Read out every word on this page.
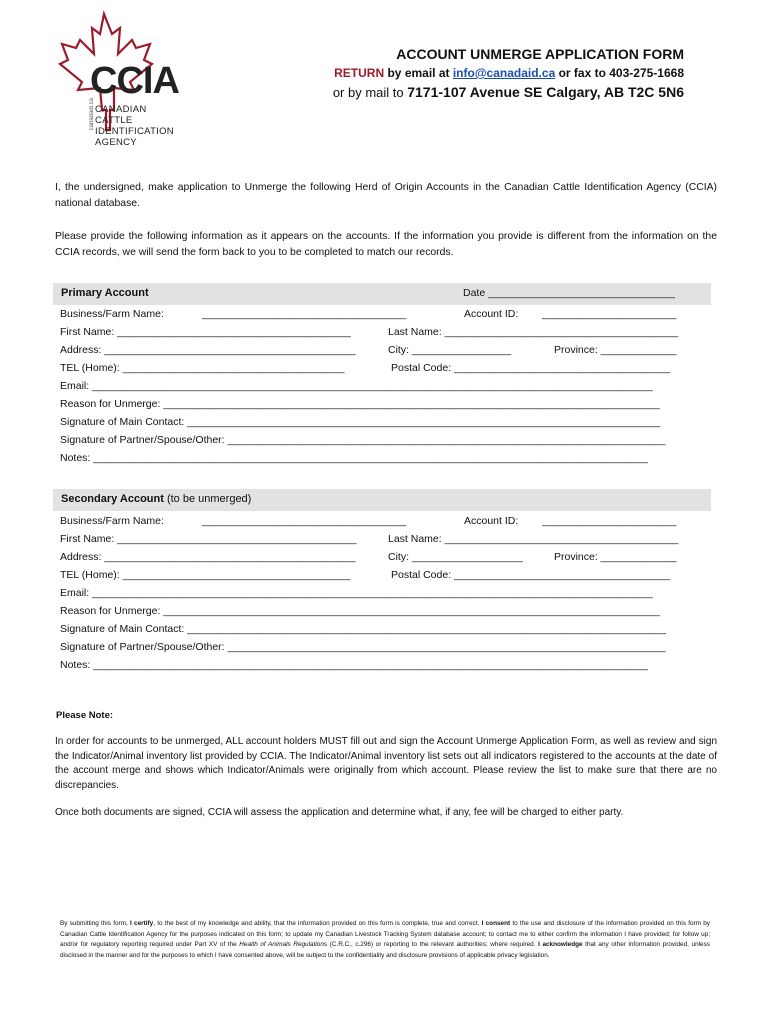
CCIA
canadaid.ca CANADIAN
CATTLE
IDENTIFICATION
AGENCY
ACCOUNT UNMERGE APPLICATION FORM
RETURN by email at info@canadaid.ca or fax to 403-275-1668
or by mail to 7171-107 Avenue SE Calgary, AB T2C 5N6
I, the undersigned, make application to Unmerge the following Herd of Origin Accounts in the Canadian Cattle Identification Agency (CCIA) national database.
Please provide the following information as it appears on the accounts. If the information you provide is different from the information on the CCIA records, we will send the form back to you to be completed to match our records.
Primary Account	Date ________________________________
Business/Farm Name:	___________________________________	Account ID: _______________________
First Name: ________________________________________	Last Name: ________________________________________
Address: ___________________________________________	City: _________________	Province: _____________
TEL (Home): ______________________________________	Postal Code: _____________________________________
Email: ________________________________________________________________________________________________
Reason for Unmerge: _____________________________________________________________________________________
Signature of Main Contact: _________________________________________________________________________________
Signature of Partner/Spouse/Other: ___________________________________________________________________________
Notes: _______________________________________________________________________________________________
Secondary Account (to be unmerged)
Business/Farm Name:	___________________________________	Account ID: _______________________
First Name: _________________________________________	Last Name: ________________________________________
Address: ___________________________________________	City: ___________________	Province: _____________
TEL (Home): _______________________________________	Postal Code: _____________________________________
Email: ________________________________________________________________________________________________
Reason for Unmerge: _____________________________________________________________________________________
Signature of Main Contact: __________________________________________________________________________________
Signature of Partner/Spouse/Other: ___________________________________________________________________________
Notes: _______________________________________________________________________________________________
Please Note:
In order for accounts to be unmerged, ALL account holders MUST fill out and sign the Account Unmerge Application Form, as well as review and sign the Indicator/Animal inventory list provided by CCIA. The Indicator/Animal inventory list sets out all indicators registered to the accounts at the date of the account merge and shows which Indicator/Animals were originally from which account. Please review the list to make sure that there are no discrepancies.
Once both documents are signed, CCIA will assess the application and determine what, if any, fee will be charged to either party.
By submitting this form, I certify, to the best of my knowledge and ability, that the information provided on this form is complete, true and correct. I consent to the use and disclosure of the information provided on this form by Canadian Cattle Identification Agency for the purposes indicated on this form; to update my Canadian Livestock Tracking System database account; to contact me to either confirm the information I have provided; for follow up; and/or for regulatory reporting required under Part XV of the Health of Animals Regulations (C.R.C., c.296) or reporting to the relevant authorities; where required. I acknowledge that any other information provided, unless disclosed in the manner and for the purposes to which I have consented above, will be subject to the confidentiality and disclosure provisions of applicable privacy legislation.
